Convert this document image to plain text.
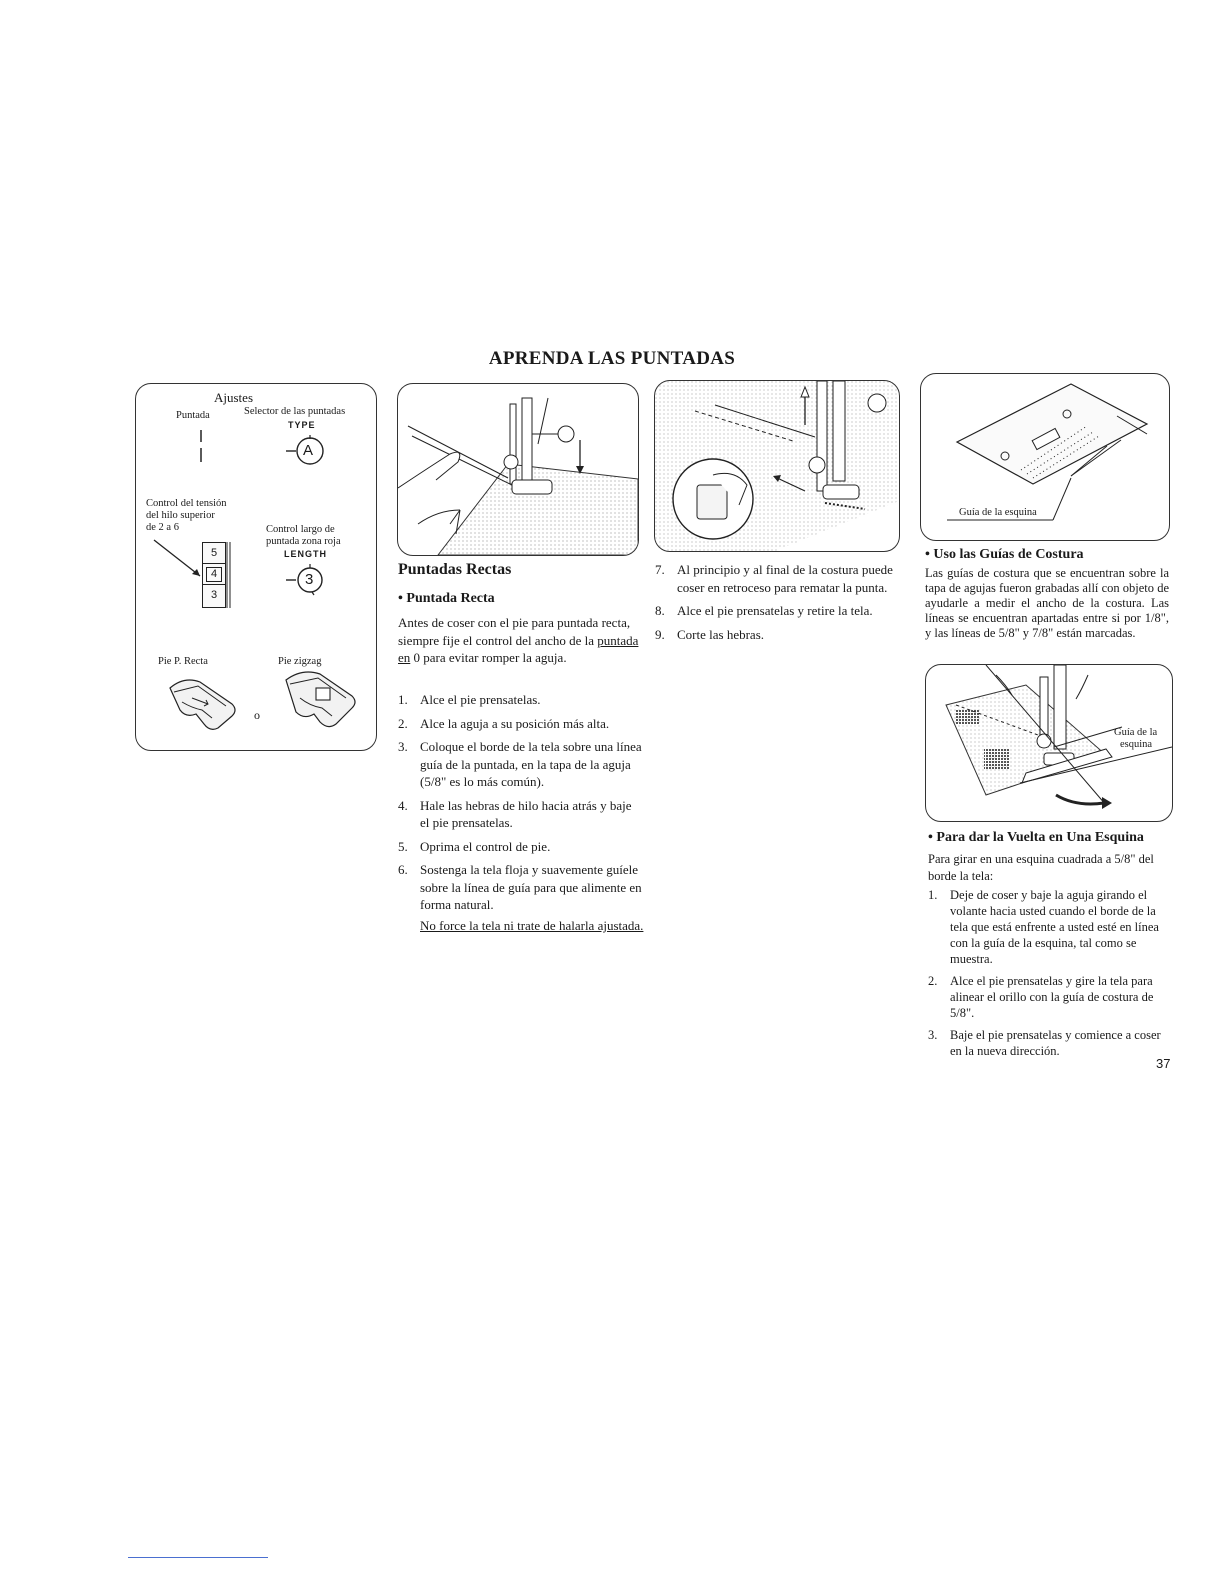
APRENDA LAS PUNTADAS
Ajustes
Puntada	Selector de las puntadas
TYPE
A
Control del tensión
del hilo superior
de 2 a 6	Control largo de
puntada zona roja
LENGTH
5
4
3
3
Pie P. Recta	Pie zigzag
o
Guía de la esquina
Puntadas Rectas
• Puntada Recta
Antes de coser con el pie para puntada recta, siempre fije el control del ancho de la puntada en 0 para evitar romper la aguja.
1. Alce el pie prensatelas.
2. Alce la aguja a su posición más alta.
3. Coloque el borde de la tela sobre una línea guía de la puntada, en la tapa de la aguja (5/8" es lo más común).
4. Hale las hebras de hilo hacia atrás y baje el pie prensatelas.
5. Oprima el control de pie.
6. Sostenga la tela floja y suavemente guíele sobre la línea de guía para que alimente en forma natural.
No force la tela ni trate de halarla ajustada.
7. Al principio y al final de la costura puede coser en retroceso para rematar la punta.
8. Alce el pie prensatelas y retire la tela.
9. Corte las hebras.
• Uso las Guías de Costura
Las guías de costura que se encuentran sobre la tapa de agujas fueron grabadas allí con objeto de ayudarle a medir el ancho de la costura. Las líneas se encuentran apartadas entre si por 1/8", y las líneas de 5/8" y 7/8" están marcadas.
Guía de la
esquina
• Para dar la Vuelta en Una Esquina
Para girar en una esquina cuadrada a 5/8" del borde la tela:
1. Deje de coser y baje la aguja girando el volante hacia usted cuando el borde de la tela que está enfrente a usted esté en línea con la guía de la esquina, tal como se muestra.
2. Alce el pie prensatelas y gire la tela para alinear el orillo con la guía de costura de 5/8".
3. Baje el pie prensatelas y comience a coser en la nueva dirección.
37
